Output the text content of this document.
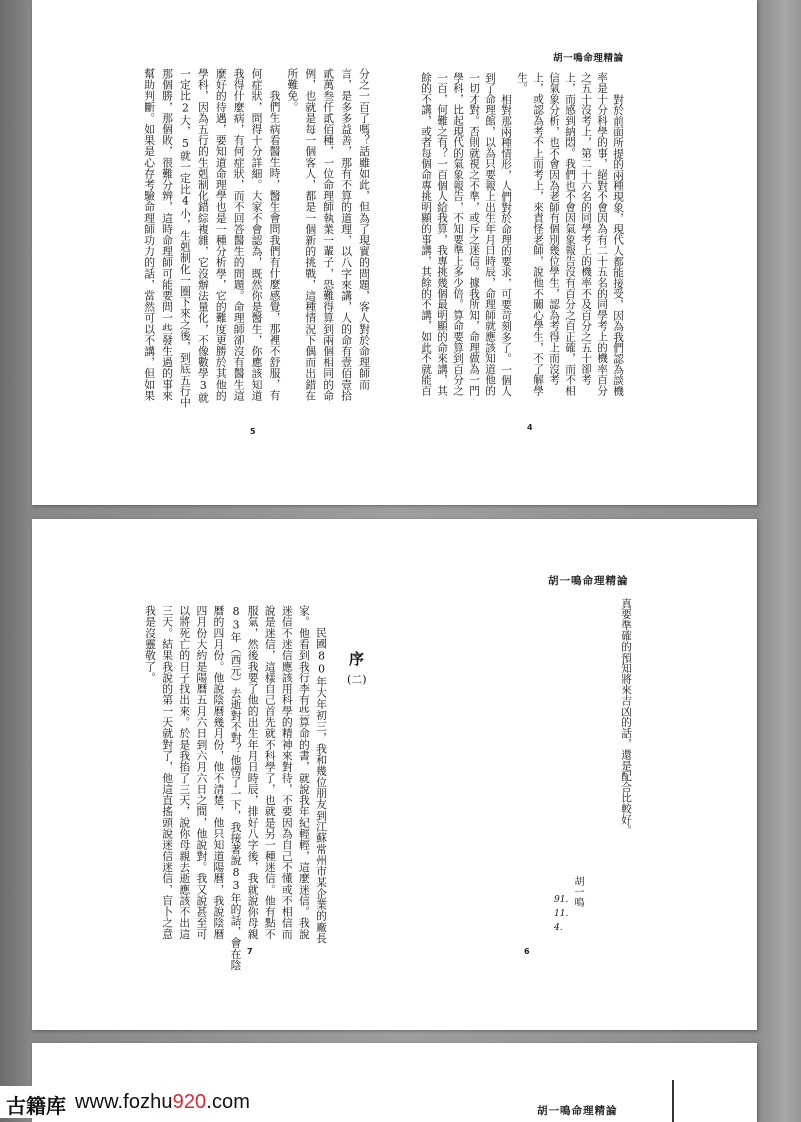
胡一鳴命理精論
對於前面所提的兩種現象，現代人都能接受，因為我們認為談機
率是十分科學的事，絕對不會因為有二十五名的同學考上的機率百分
之五十沒考上，第二十六名的同學考上的機率不及百分之五十卻考
上，而感到納悶。我們也不會因氣象報告沒有百分之百正確，而不相
信氣象分析，也不會因為老師有個別幾位學生，認為考得上而沒考
上，或認為考不上而考上，來責怪老師，說他不關心學生，不了解學
生。
相對那兩種情形，人們對於命理的要求，可要苛刻多了。一個人
到了命理館，以為只要報上出生年月日時辰，命理師就應該知道他的
一切才對。否則就視之不準，或斥之迷信。據我所知，命理做為一門
學科，比起現代的氣象報告，不知要準上多少倍。算命要算到百分之
一百，何難之有？一百個人給我算，我專挑幾個最明顯的命來講，其
餘的不講，或者每個命專挑明顯的事講，其餘的不講，如此不就能百
4
分之一百了嗎？話雖如此，但為了現實的問題，客人對於命理師而
言，是多多益善，那有不算的道理，以八字來講，人的命有壹佰壹拾
貳萬叁仟貳佰種，一位命理師執業一輩子，恐難得算到兩個相同的命
例，也就是每一個客人，都是一個新的挑戰，這種情況下偶而出錯在
所難免。
我們生病看醫生時，醫生會問我們有什麼感覺，那裡不舒服，有
何症狀，問得十分詳細。大家不會認為，既然你是醫生，你應該知道
我得什麼病，有何症狀，而不回答醫生的問題。命理師卻沒有醫生這
麼好的待遇，要知道命理學也是一種分析學，它的難度更勝於其他的
學科，因為五行的生剋制化錯綜複雜，它沒辦法量化，不像數學3就
一定比2大，5就一定比4小，生剋制化一圈下來之後，到底五行中
那個勝，那個敗，很難分辨，這時命理師可能要問一些發生過的事來
幫助判斷。如果是心存考驗命理師功力的話，當然可以不講，但如果
5
胡一鳴命理精論
真要準確的預知將來吉凶的話，還是配合比較好。
胡一鳴
91.
11.
4.
6
序
(二)
民國80年大年初三，我和幾位朋友到江蘇常州市某企業的廠長
家。他看到我行李有些算命的書，就說我年紀輕輕，這麼迷信。我說
迷信不迷信應該用科學的精神來對待，不要因為自己不懂或不相信而
說是迷信，這樣自己首先就不科學了，也就是另一種迷信。他有點不
服氣，然後我要了他的出生年月日時辰，排好八字後，我就說你母親
83年（西元）去逝對不對？他愣了一下，我接著說83年的話，會在陰
曆的四月份。他說陰曆幾月份，他不清楚，他只知道陽曆，我說陰曆
四月份大約是陽曆五月六日到六月六日之間，他說對。我又說甚至可
以將死亡的日子找出來。於是我掐了三天，說你母親去逝應該不出這
三天。結果我說的第一天就對了，他這直搖頭說迷信迷信，盲卜之意
我是沒靈敬了。
7
胡一鳴命理精論
古籍库 www.fozhu920.com
